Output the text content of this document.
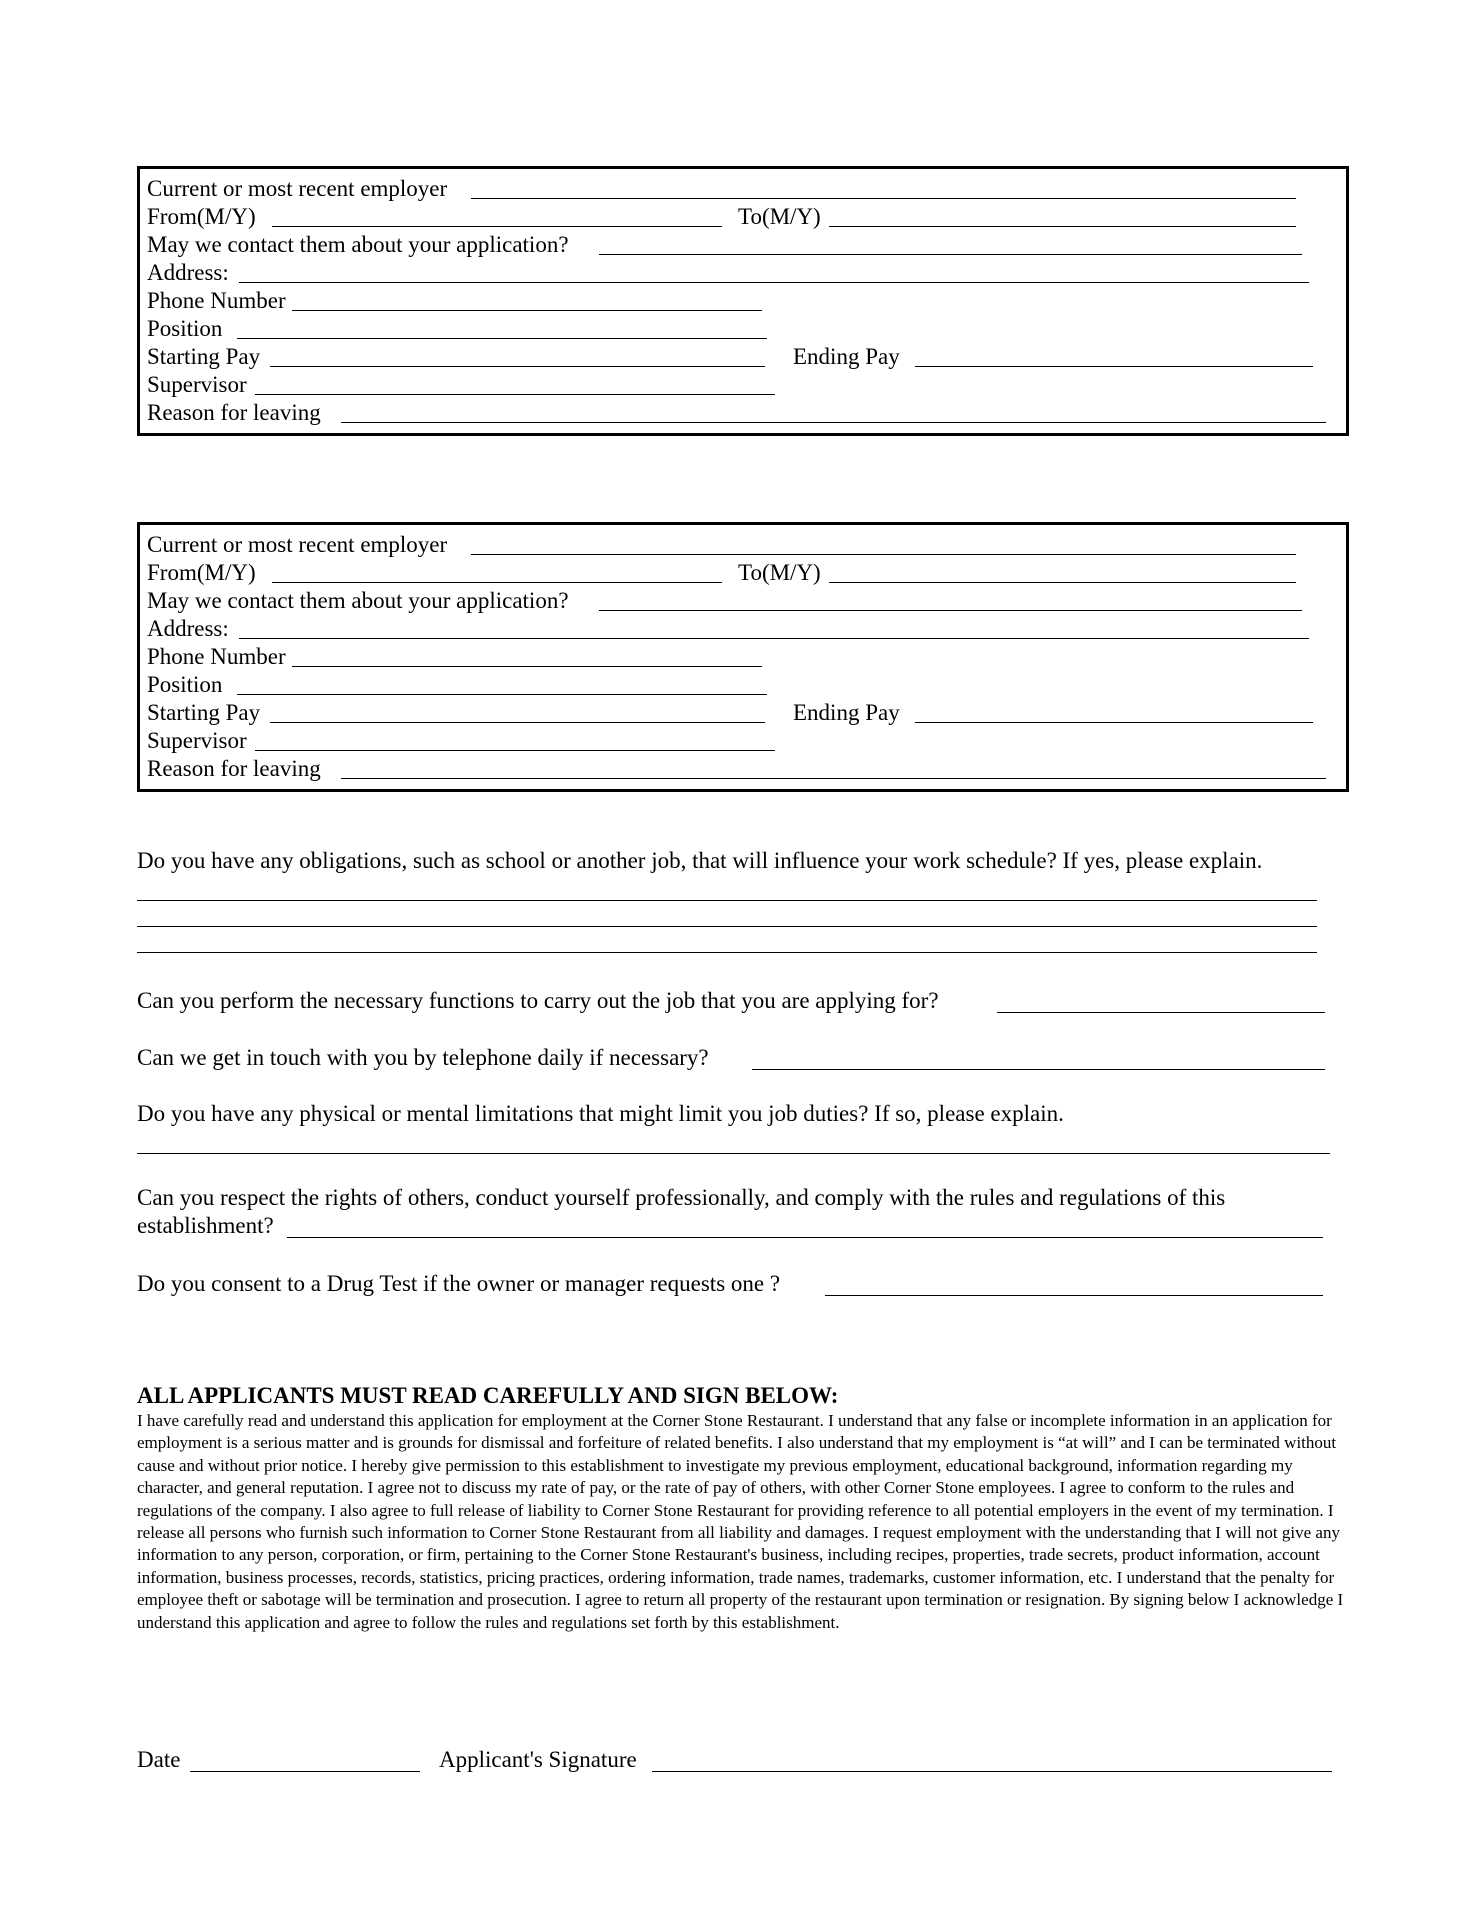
Current or most recent employer
From(M/Y)	To(M/Y)
May we contact them about your application?
Address:
Phone Number
Position
Starting Pay	Ending Pay
Supervisor
Reason for leaving
Current or most recent employer
From(M/Y)	To(M/Y)
May we contact them about your application?
Address:
Phone Number
Position
Starting Pay	Ending Pay
Supervisor
Reason for leaving
Do you have any obligations, such as school or another job, that will influence your work schedule? If yes, please explain.
Can you perform the necessary functions to carry out the job that you are applying for?
Can we get in touch with you by telephone daily if necessary?
Do you have any physical or mental limitations that might limit you job duties? If so, please explain.
Can you respect the rights of others, conduct yourself professionally, and comply with the rules and regulations of this
establishment?
Do you consent to a Drug Test if the owner or manager requests one ?
ALL APPLICANTS MUST READ CAREFULLY AND SIGN BELOW:
I have carefully read and understand this application for employment at the Corner Stone Restaurant. I understand that any false or incomplete information in an application for employment is a serious matter and is grounds for dismissal and forfeiture of related benefits. I also understand that my employment is “at will” and I can be terminated without cause and without prior notice. I hereby give permission to this establishment to investigate my previous employment, educational background, information regarding my character, and general reputation. I agree not to discuss my rate of pay, or the rate of pay of others, with other Corner Stone employees. I agree to conform to the rules and regulations of the company. I also agree to full release of liability to Corner Stone Restaurant for providing reference to all potential employers in the event of my termination. I release all persons who furnish such information to Corner Stone Restaurant from all liability and damages. I request employment with the understanding that I will not give any information to any person, corporation, or firm, pertaining to the Corner Stone Restaurant's business, including recipes, properties, trade secrets, product information, account information, business processes, records, statistics, pricing practices, ordering information, trade names, trademarks, customer information, etc. I understand that the penalty for employee theft or sabotage will be termination and prosecution. I agree to return all property of the restaurant upon termination or resignation. By signing below I acknowledge I understand this application and agree to follow the rules and regulations set forth by this establishment.
Date	Applicant's Signature
